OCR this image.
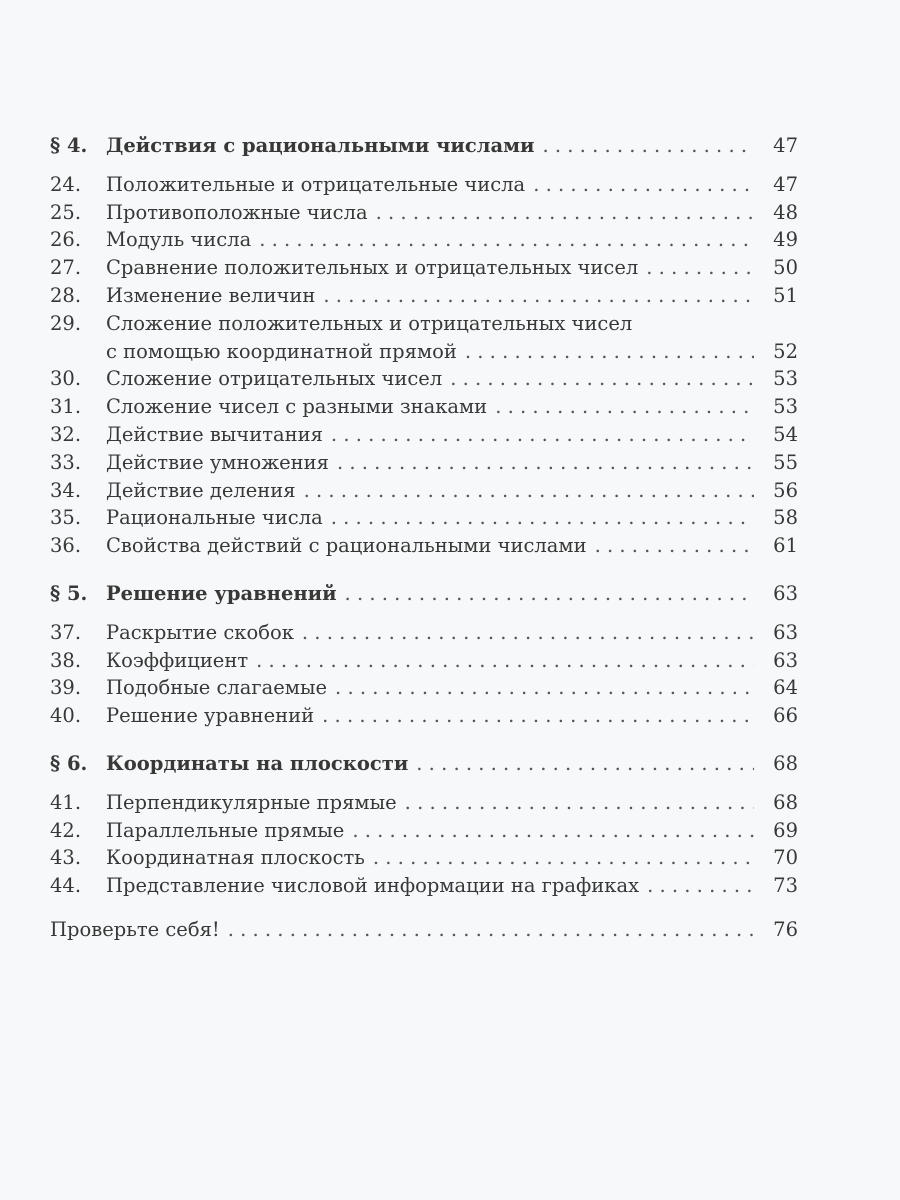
§ 4. Действия с рациональными числами . . .	47
24.	Положительные и отрицательные числа . . .	47
25.	Противоположные числа . . .	48
26.	Модуль числа . . .	49
27.	Сравнение положительных и отрицательных чисел . . .	50
28.	Изменение величин . . .	51
29.	Сложение положительных и отрицательных чисел
с помощью координатной прямой . . .	52
30.	Сложение отрицательных чисел . . .	53
31.	Сложение чисел с разными знаками . . .	53
32.	Действие вычитания . . .	54
33.	Действие умножения . . .	55
34.	Действие деления . . .	56
35.	Рациональные числа . . .	58
36.	Свойства действий с рациональными числами . . .	61
§ 5. Решение уравнений . . .	63
37.	Раскрытие скобок . . .	63
38.	Коэффициент . . .	63
39.	Подобные слагаемые . . .	64
40.	Решение уравнений . . .	66
§ 6. Координаты на плоскости . . .	68
41.	Перпендикулярные прямые . . .	68
42.	Параллельные прямые . . .	69
43.	Координатная плоскость . . .	70
44.	Представление числовой информации на графиках . . .	73
Проверьте себя! . . .	76
